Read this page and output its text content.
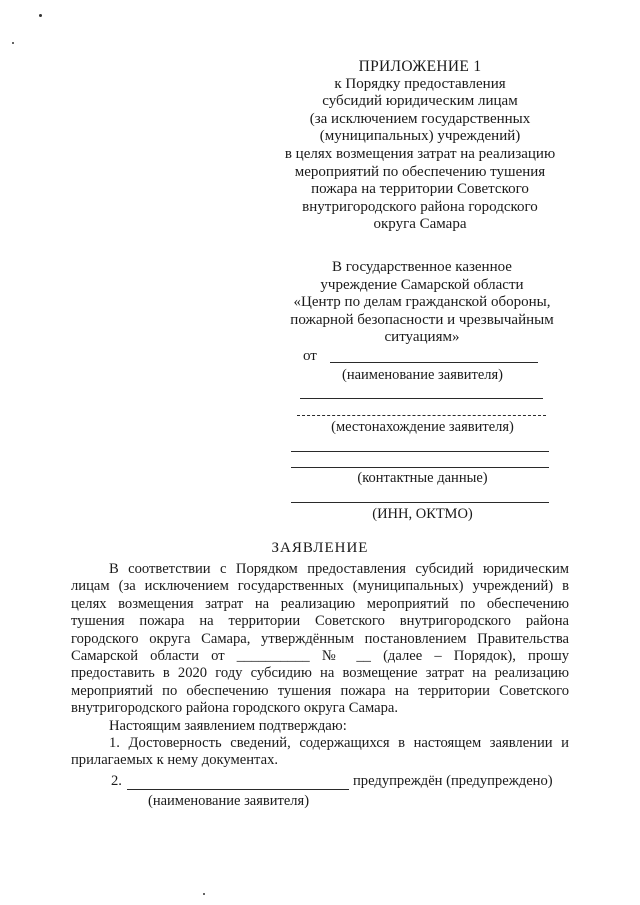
ПРИЛОЖЕНИЕ 1
к Порядку предоставления
субсидий юридическим лицам
(за исключением государственных
(муниципальных) учреждений)
в целях возмещения затрат на реализацию
мероприятий по обеспечению тушения
пожара на территории Советского
внутригородского района городского
округа Самара
В государственное казенное
учреждение Самарской области
«Центр по делам гражданской обороны,
пожарной безопасности и чрезвычайным
ситуациям»
от
(наименование заявителя)
(местонахождение заявителя)
(контактные данные)
(ИНН, ОКТМО)
ЗАЯВЛЕНИЕ

В соответствии с Порядком предоставления субсидий юридическим лицам (за исключением государственных (муниципальных) учреждений) в целях возмещения затрат на реализацию мероприятий по обеспечению тушения пожара на территории Советского внутригородского района городского округа Самара, утверждённым постановлением Правительства Самарской области от __________ № __ (далее – Порядок), прошу предоставить в 2020 году субсидию на возмещение затрат на реализацию мероприятий по обеспечению тушения пожара на территории Советского внутригородского района городского округа Самара.

Настоящим заявлением подтверждаю:

1. Достоверность сведений, содержащихся в настоящем заявлении и прилагаемых к нему документах.

2.	предупреждён (предупреждено)
(наименование заявителя)
